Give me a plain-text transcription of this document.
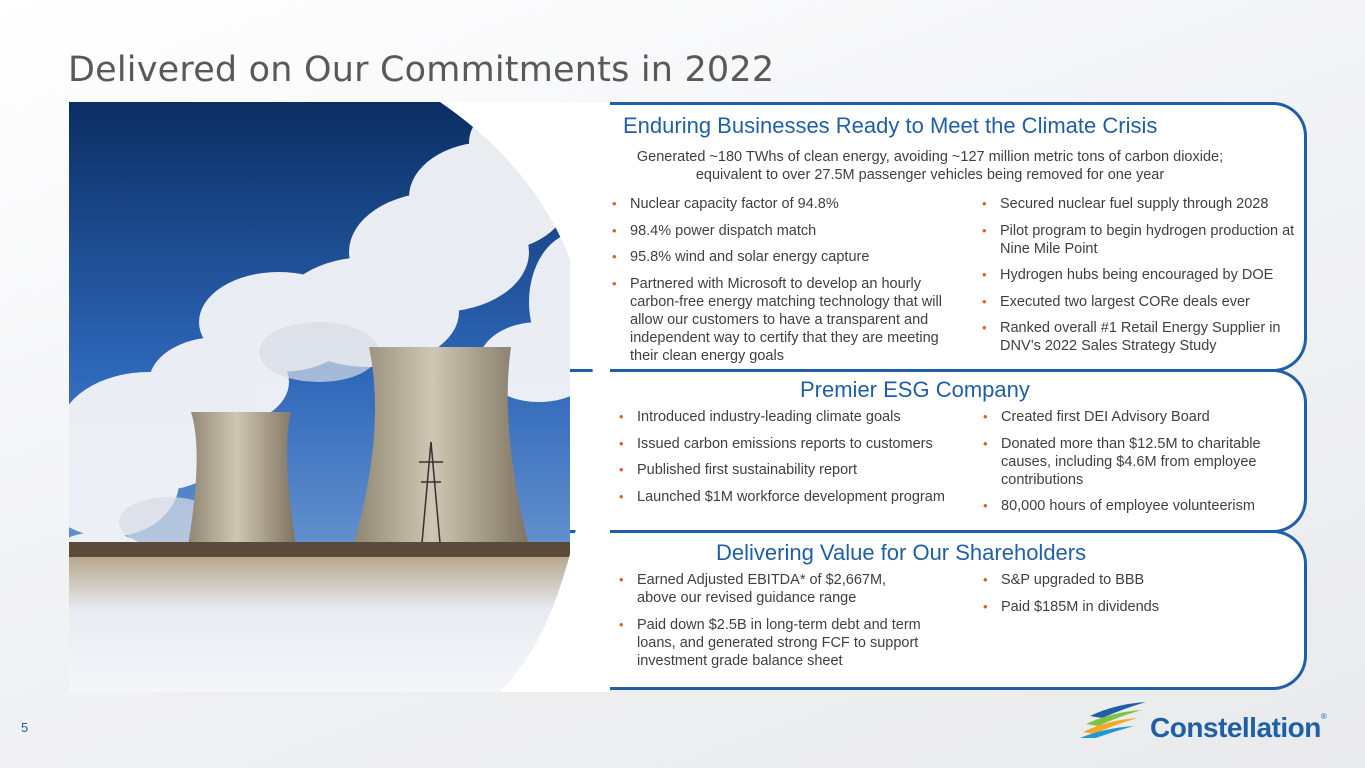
Delivered on Our Commitments in 2022
Enduring Businesses Ready to Meet the Climate Crisis
Generated ~180 TWhs of clean energy, avoiding ~127 million metric tons of carbon dioxide;
equivalent to over 27.5M passenger vehicles being removed for one year
• Nuclear capacity factor of 94.8%
• 98.4% power dispatch match
• 95.8% wind and solar energy capture
• Partnered with Microsoft to develop an hourly carbon-free energy matching technology that will allow our customers to have a transparent and independent way to certify that they are meeting their clean energy goals
• Secured nuclear fuel supply through 2028
• Pilot program to begin hydrogen production at Nine Mile Point
• Hydrogen hubs being encouraged by DOE
• Executed two largest CORe deals ever
• Ranked overall #1 Retail Energy Supplier in DNV’s 2022 Sales Strategy Study
Premier ESG Company
• Introduced industry-leading climate goals
• Issued carbon emissions reports to customers
• Published first sustainability report
• Launched $1M workforce development program
• Created first DEI Advisory Board
• Donated more than $12.5M to charitable causes, including $4.6M from employee contributions
• 80,000 hours of employee volunteerism
Delivering Value for Our Shareholders
• Earned Adjusted EBITDA* of $2,667M, above our revised guidance range
• Paid down $2.5B in long-term debt and term loans, and generated strong FCF to support investment grade balance sheet
• S&P upgraded to BBB
• Paid $185M in dividends
5	Constellation®
